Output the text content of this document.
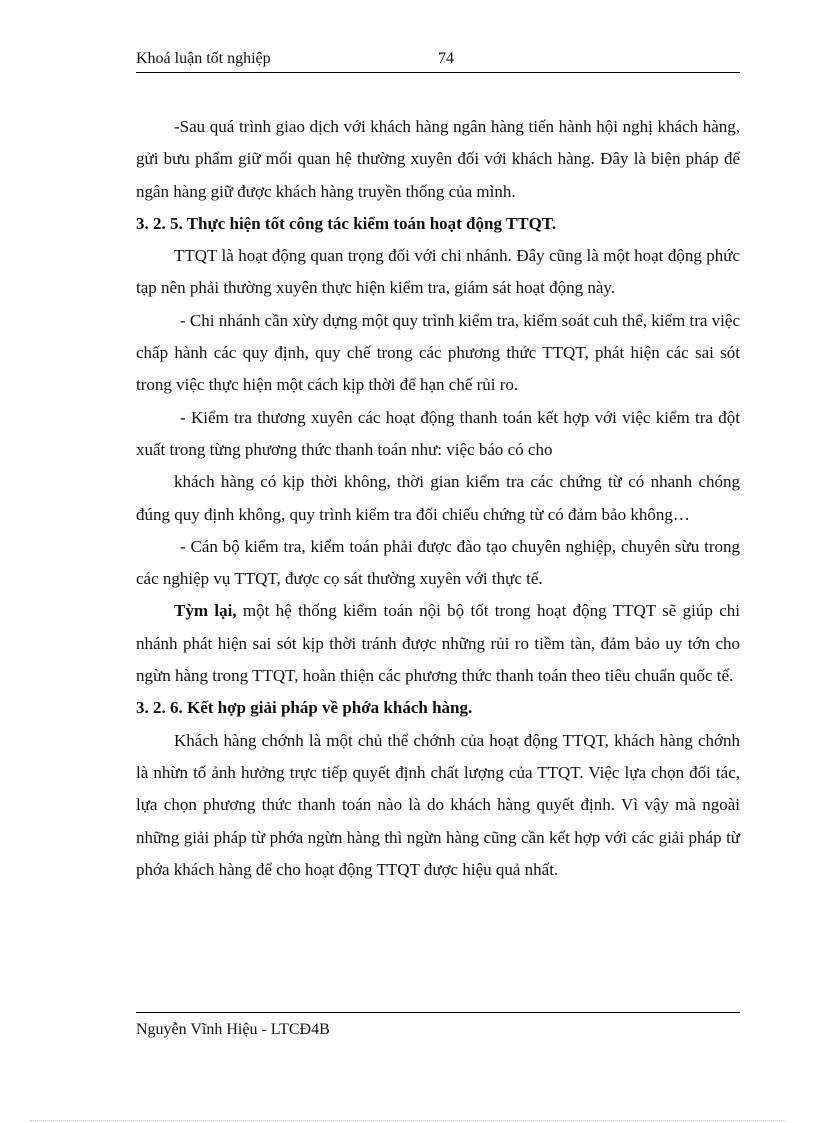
Khoá luận tốt nghiệp	74

-Sau quá trình giao dịch với khách hàng ngân hàng tiến hành hội nghị khách hàng, gửi bưu phẩm giữ mối quan hệ thường xuyên đối với khách hàng. Đây là biện pháp để ngân hàng giữ được khách hàng truyền thống của mình.

3. 2. 5. Thực hiện tốt công tác kiểm toán hoạt động TTQT.

TTQT là hoạt động quan trọng đối với chi nhánh. Đây cũng là một hoạt động phức tạp nên phải thường xuyên thực hiện kiểm tra, giám sát hoạt động này.

- Chi nhánh cần xừy dựng một quy trình kiểm tra, kiểm soát cuh thể, kiểm tra việc chấp hành các quy định, quy chế trong các phương thức TTQT, phát hiện các sai sót trong việc thực hiện một cách kịp thời để hạn chế rủi ro.

- Kiểm tra thương xuyên các hoạt động thanh toán kết hợp với việc kiểm tra đột xuất trong từng phương thức thanh toán như: việc báo có cho

khách hàng có kịp thời không, thời gian kiểm tra các chứng từ có nhanh chóng đúng quy định không, quy trình kiểm tra đối chiếu chứng từ có đảm bảo không…

- Cán bộ kiểm tra, kiểm toán phải được đào tạo chuyên nghiệp, chuyên sừu trong các nghiệp vụ TTQT, được cọ sát thường xuyên với thực tế.

Tỳm lại, một hệ thống kiểm toán nội bộ tốt trong hoạt động TTQT sẽ giúp chi nhánh phát hiện sai sót kịp thời tránh được những rủi ro tiềm tàn, đảm bảo uy tớn cho ngừn hàng trong TTQT, hoàn thiện các phương thức thanh toán theo tiêu chuẩn quốc tế.

3. 2. 6. Kết hợp giải pháp về phớa khách hàng.

Khách hàng chớnh là một chủ thể chớnh của hoạt động TTQT, khách hàng chớnh là nhừn tố ảnh hưởng trực tiếp quyết định chất lượng của TTQT. Việc lựa chọn đối tác, lựa chọn phương thức thanh toán nào là do khách hàng quyết định. Vì vậy mà ngoài những giải pháp từ phớa ngừn hàng thì ngừn hàng cũng cần kết hợp với các giải pháp từ phớa khách hàng để cho hoạt động TTQT được hiệu quả nhất.

Nguyễn Vĩnh Hiệu - LTCĐ4B
